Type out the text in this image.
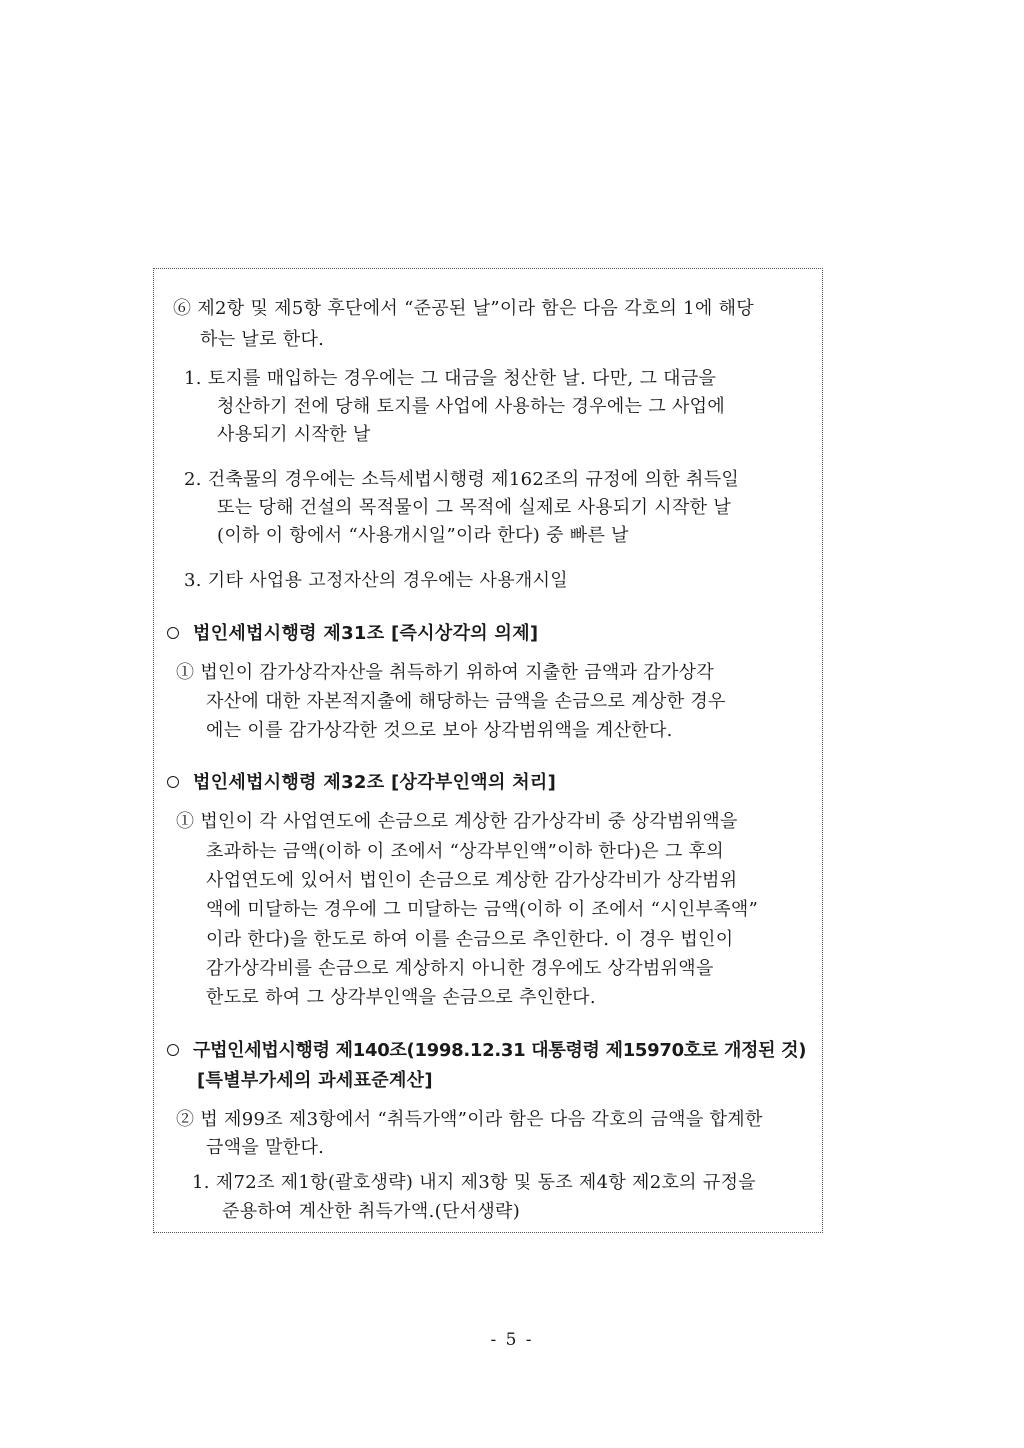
⑥ 제2항 및 제5항 후단에서 “준공된 날”이라 함은 다음 각호의 1에 해당
하는 날로 한다.
1. 토지를 매입하는 경우에는 그 대금을 청산한 날. 다만, 그 대금을
청산하기 전에 당해 토지를 사업에 사용하는 경우에는 그 사업에
사용되기 시작한 날
2. 건축물의 경우에는 소득세법시행령 제162조의 규정에 의한 취득일
또는 당해 건설의 목적물이 그 목적에 실제로 사용되기 시작한 날
(이하 이 항에서 “사용개시일”이라 한다) 중 빠른 날
3. 기타 사업용 고정자산의 경우에는 사용개시일
법인세법시행령 제31조 [즉시상각의 의제]
① 법인이 감가상각자산을 취득하기 위하여 지출한 금액과 감가상각
자산에 대한 자본적지출에 해당하는 금액을 손금으로 계상한 경우
에는 이를 감가상각한 것으로 보아 상각범위액을 계산한다.
법인세법시행령 제32조 [상각부인액의 처리]
① 법인이 각 사업연도에 손금으로 계상한 감가상각비 중 상각범위액을
초과하는 금액(이하 이 조에서 “상각부인액”이하 한다)은 그 후의
사업연도에 있어서 법인이 손금으로 계상한 감가상각비가 상각범위
액에 미달하는 경우에 그 미달하는 금액(이하 이 조에서 “시인부족액”
이라 한다)을 한도로 하여 이를 손금으로 추인한다. 이 경우 법인이
감가상각비를 손금으로 계상하지 아니한 경우에도 상각범위액을
한도로 하여 그 상각부인액을 손금으로 추인한다.
구법인세법시행령 제140조(1998.12.31 대통령령 제15970호로 개정된 것)
[특별부가세의 과세표준계산]
② 법 제99조 제3항에서 “취득가액”이라 함은 다음 각호의 금액을 합계한
금액을 말한다.
1. 제72조 제1항(괄호생략) 내지 제3항 및 동조 제4항 제2호의 규정을
준용하여 계산한 취득가액.(단서생략)
- 5 -
